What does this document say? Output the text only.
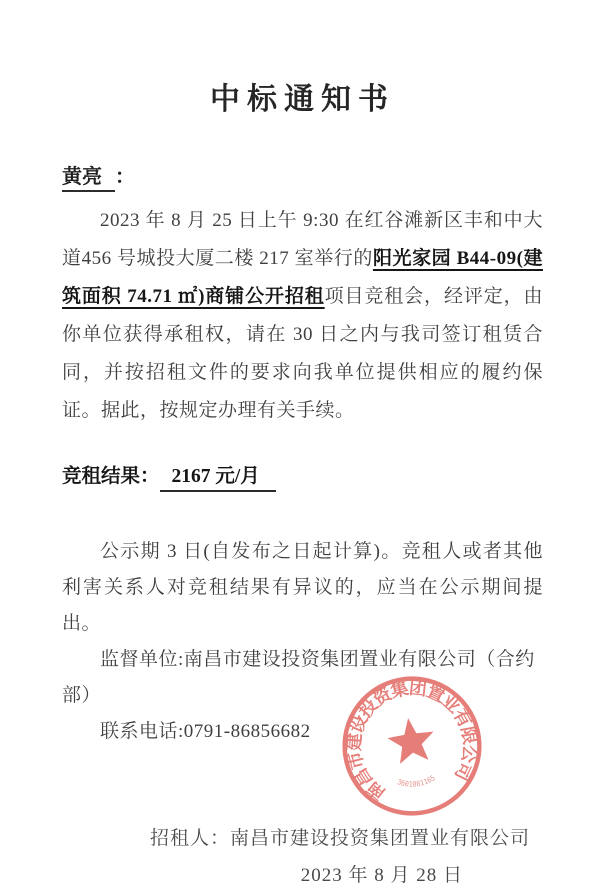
中标通知书
黄亮 ：

2023 年 8 月 25 日上午 9:30 在红谷滩新区丰和中大道456 号城投大厦二楼 217 室举行的阳光家园 B44-09(建筑面积 74.71 ㎡)商铺公开招租项目竞租会，经评定，由你单位获得承租权，请在 30 日之内与我司签订租赁合同，并按招租文件的要求向我单位提供相应的履约保证。据此，按规定办理有关手续。

竞租结果： 2167 元/月

公示期 3 日(自发布之日起计算)。竞租人或者其他利害关系人对竞租结果有异议的，应当在公示期间提出。

监督单位:南昌市建设投资集团置业有限公司（合约部）

联系电话:0791-86856682

招租人：南昌市建设投资集团置业有限公司
2023 年 8 月 28 日
南昌市建设投资集团置业有限公司
3601081165
